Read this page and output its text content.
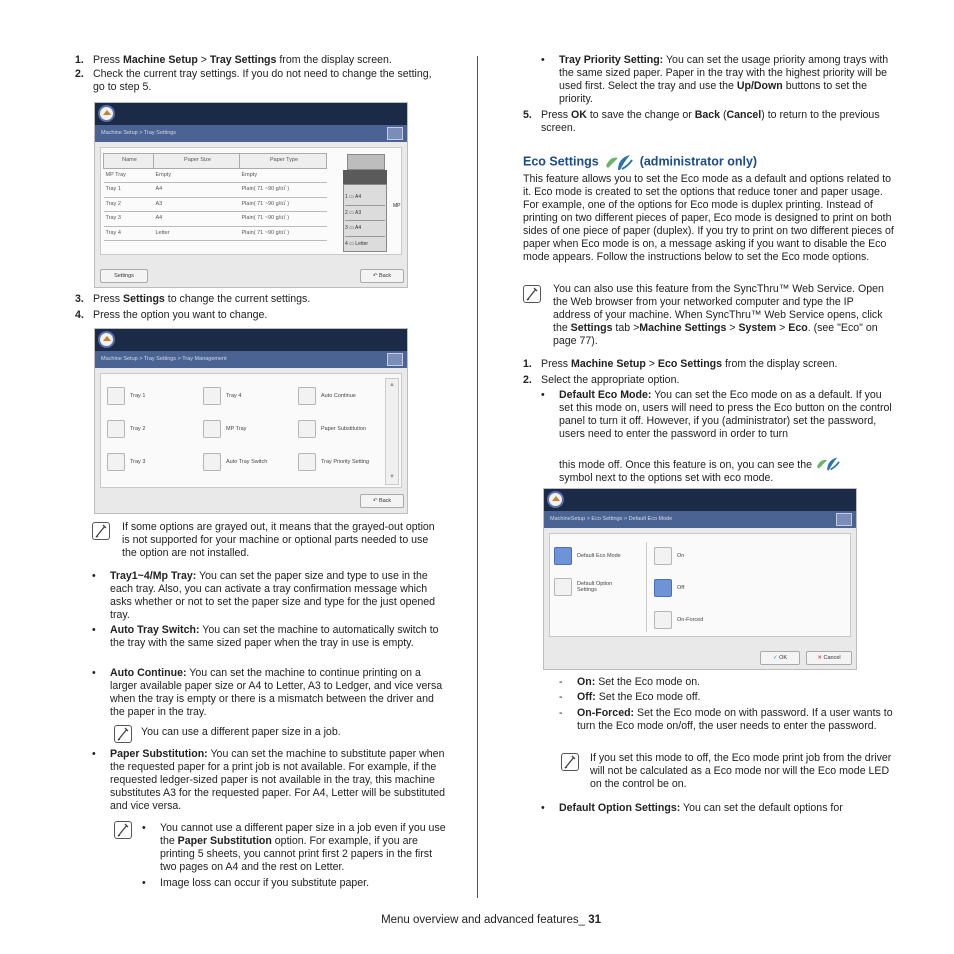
1. Press Machine Setup > Tray Settings from the display screen.
2. Check the current tray settings. If you do not need to change the setting, go to step 5.
Machine Setup > Tray Settings
Name	Paper Size	Paper Type
MP Tray	Empty	Empty
Tray 1	A4	Plain( 71 ~90 g/㎡ )
Tray 2	A3	Plain( 71 ~90 g/㎡ )
Tray 3	A4	Plain( 71 ~90 g/㎡ )
Tray 4	Letter	Plain( 71 ~90 g/㎡ )
1 ▭ A4
2 ▭ A3
3 ▭ A4
4 ▭ Letter
MP
Settings	↶ Back
3. Press Settings to change the current settings.
4. Press the option you want to change.
Machine Setup > Tray Settings > Tray Management
Tray 1	Tray 4	Auto Continue
Tray 2	MP Tray	Paper Substitution
Tray 3	Auto Tray Switch	Tray Priority Setting
▲
▼
↶ Back
If some options are grayed out, it means that the grayed-out option is not supported for your machine or optional parts needed to use the option are not installed.
•	Tray1~4/Mp Tray: You can set the paper size and type to use in the each tray. Also, you can activate a tray confirmation message which asks whether or not to set the paper size and type for the just opened tray.
•	Auto Tray Switch: You can set the machine to automatically switch to the tray with the same sized paper when the tray in use is empty.
•	Auto Continue: You can set the machine to continue printing on a larger available paper size or A4 to Letter, A3 to Ledger, and vice versa when the tray is empty or there is a mismatch between the driver and the paper in the tray.
You can use a different paper size in a job.
•	Paper Substitution: You can set the machine to substitute paper when the requested paper for a print job is not available. For example, if the requested ledger-sized paper is not available in the tray, this machine substitutes A3 for the requested paper. For A4, Letter will be substituted and vice versa.
•	You cannot use a different paper size in a job even if you use the Paper Substitution option. For example, if you are printing 5 sheets, you cannot print first 2 papers in the first two pages on A4 and the rest on Letter.
•	Image loss can occur if you substitute paper.
•	Tray Priority Setting: You can set the usage priority among trays with the same sized paper. Paper in the tray with the highest priority will be used first. Select the tray and use the Up/Down buttons to set the priority.
5. Press OK to save the change or Back (Cancel) to return to the previous screen.
Eco Settings	(administrator only)
This feature allows you to set the Eco mode as a default and options related to it. Eco mode is created to set the options that reduce toner and paper usage. For example, one of the options for Eco mode is duplex printing. Instead of printing on two different pieces of paper, Eco mode is designed to print on both sides of one piece of paper (duplex). If you try to print on two different pieces of paper when Eco mode is on, a message asking if you want to disable the Eco mode appears. Follow the instructions below to set the Eco mode options.
You can also use this feature from the SyncThru™ Web Service. Open the Web browser from your networked computer and type the IP address of your machine. When SyncThru™ Web Service opens, click the Settings tab >Machine Settings > System > Eco. (see "Eco" on page 77).
1. Press Machine Setup > Eco Settings from the display screen.
2. Select the appropriate option.
•	Default Eco Mode: You can set the Eco mode on as a default. If you set this mode on, users will need to press the Eco button on the control panel to turn it off. However, if you (administrator) set the password, users need to enter the password in order to turn
this mode off. Once this feature is on, you can see the
symbol next to the options set with eco mode.
MachineSetup > Eco Settings > Default Eco Mode
Default Eco Mode
Default Option Settings
On
Off
On-Forced
✓ OK	✕ Cancel
-	On: Set the Eco mode on.
-	Off: Set the Eco mode off.
-	On-Forced: Set the Eco mode on with password. If a user wants to turn the Eco mode on/off, the user needs to enter the password.
If you set this mode to off, the Eco mode print job from the driver will not be calculated as a Eco mode nor will the Eco mode LED on the control be on.
•	Default Option Settings: You can set the default options for
Menu overview and advanced features_ 31
